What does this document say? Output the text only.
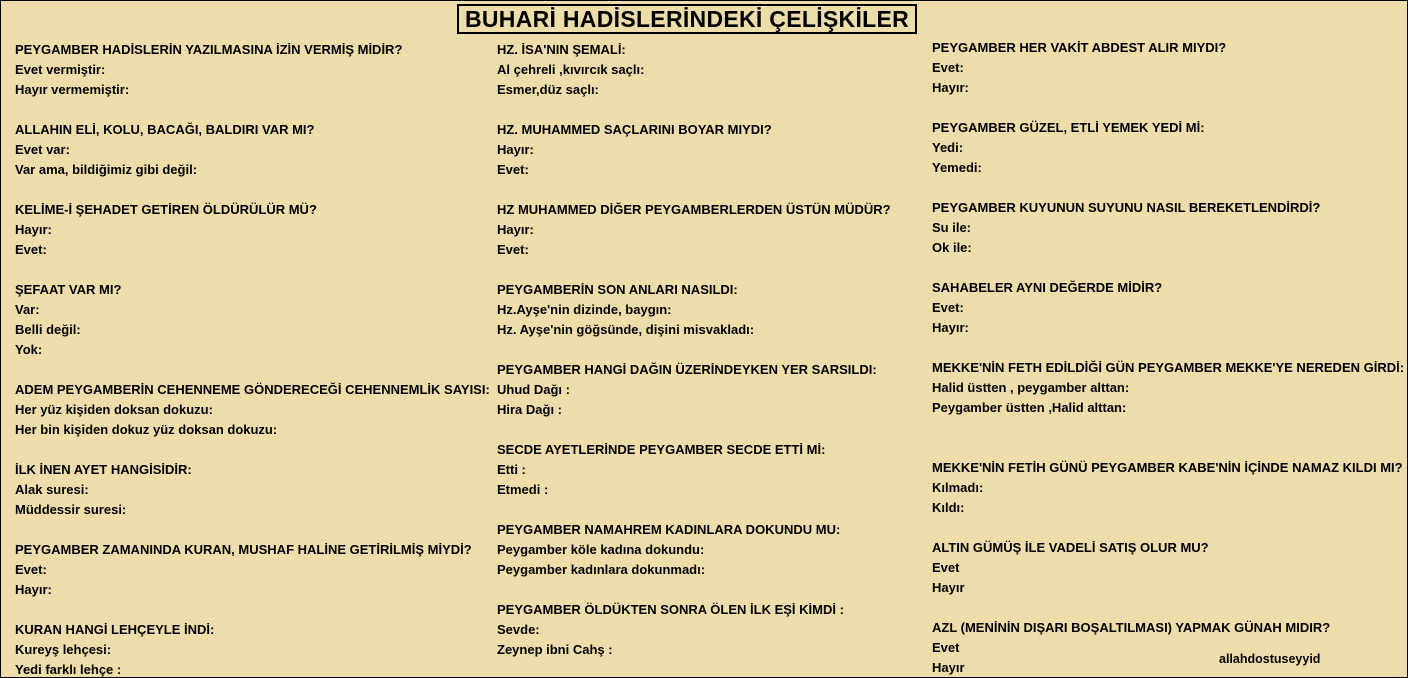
BUHARİ HADİSLERİNDEKİ ÇELİŞKİLER
PEYGAMBER HADİSLERİN YAZILMASINA İZİN VERMİŞ MİDİR?
Evet vermiştir:
Hayır vermemiştir:
ALLAHIN ELİ, KOLU, BACAĞI, BALDIRI VAR MI?
Evet var:
Var ama, bildiğimiz gibi değil:
KELİME-İ ŞEHADET GETİREN ÖLDÜRÜLÜR MÜ?
Hayır:
Evet:
ŞEFAAT VAR MI?
Var:
Belli değil:
Yok:
ADEM PEYGAMBERİN CEHENNEME GÖNDERECEĞİ CEHENNEMLİK SAYISI:
Her yüz kişiden doksan dokuzu:
Her bin kişiden dokuz yüz doksan dokuzu:
İLK İNEN AYET HANGİSİDİR:
Alak suresi:
Müddessir suresi:
PEYGAMBER ZAMANINDA KURAN, MUSHAF HALİNE GETİRİLMİŞ MİYDİ?
Evet:
Hayır:
KURAN HANGİ LEHÇEYLE İNDİ:
Kureyş lehçesi:
Yedi farklı lehçe :
HZ. İSA'NIN ŞEMALİ:
Al çehreli ,kıvırcık saçlı:
Esmer,düz saçlı:
HZ. MUHAMMED SAÇLARINI BOYAR MIYDI?
Hayır:
Evet:
HZ MUHAMMED DİĞER PEYGAMBERLERDEN ÜSTÜN MÜDÜR?
Hayır:
Evet:
PEYGAMBERİN SON ANLARI NASILDI:
Hz.Ayşe'nin dizinde, baygın:
Hz. Ayşe'nin göğsünde, dişini misvakladı:
PEYGAMBER HANGİ DAĞIN ÜZERİNDEYKEN YER SARSILDI:
Uhud Dağı :
Hira Dağı :
SECDE AYETLERİNDE PEYGAMBER SECDE ETTİ Mİ:
Etti :
Etmedi :
PEYGAMBER NAMAHREM KADINLARA DOKUNDU MU:
Peygamber köle kadına dokundu:
Peygamber kadınlara dokunmadı:
PEYGAMBER ÖLDÜKTEN SONRA ÖLEN İLK EŞİ KİMDİ :
Sevde:
Zeynep ibni Cahş :
PEYGAMBER HER VAKİT ABDEST ALIR MIYDI?
Evet:
Hayır:
PEYGAMBER GÜZEL, ETLİ YEMEK YEDİ Mİ:
Yedi:
Yemedi:
PEYGAMBER KUYUNUN SUYUNU NASIL BEREKETLENDİRDİ?
Su ile:
Ok ile:
SAHABELER AYNI DEĞERDE MİDİR?
Evet:
Hayır:
MEKKE'NİN FETH EDİLDİĞİ GÜN PEYGAMBER MEKKE'YE NEREDEN GİRDİ:
Halid üstten , peygamber alttan:
Peygamber üstten ,Halid alttan:
MEKKE'NİN FETİH GÜNÜ PEYGAMBER KABE'NİN İÇİNDE NAMAZ KILDI MI?
Kılmadı:
Kıldı:
ALTIN GÜMÜŞ İLE VADELİ SATIŞ OLUR MU?
Evet
Hayır
AZL (MENİNİN DIŞARI BOŞALTILMASI) YAPMAK GÜNAH MIDIR?
Evet
Hayır
allahdostuseyyid
